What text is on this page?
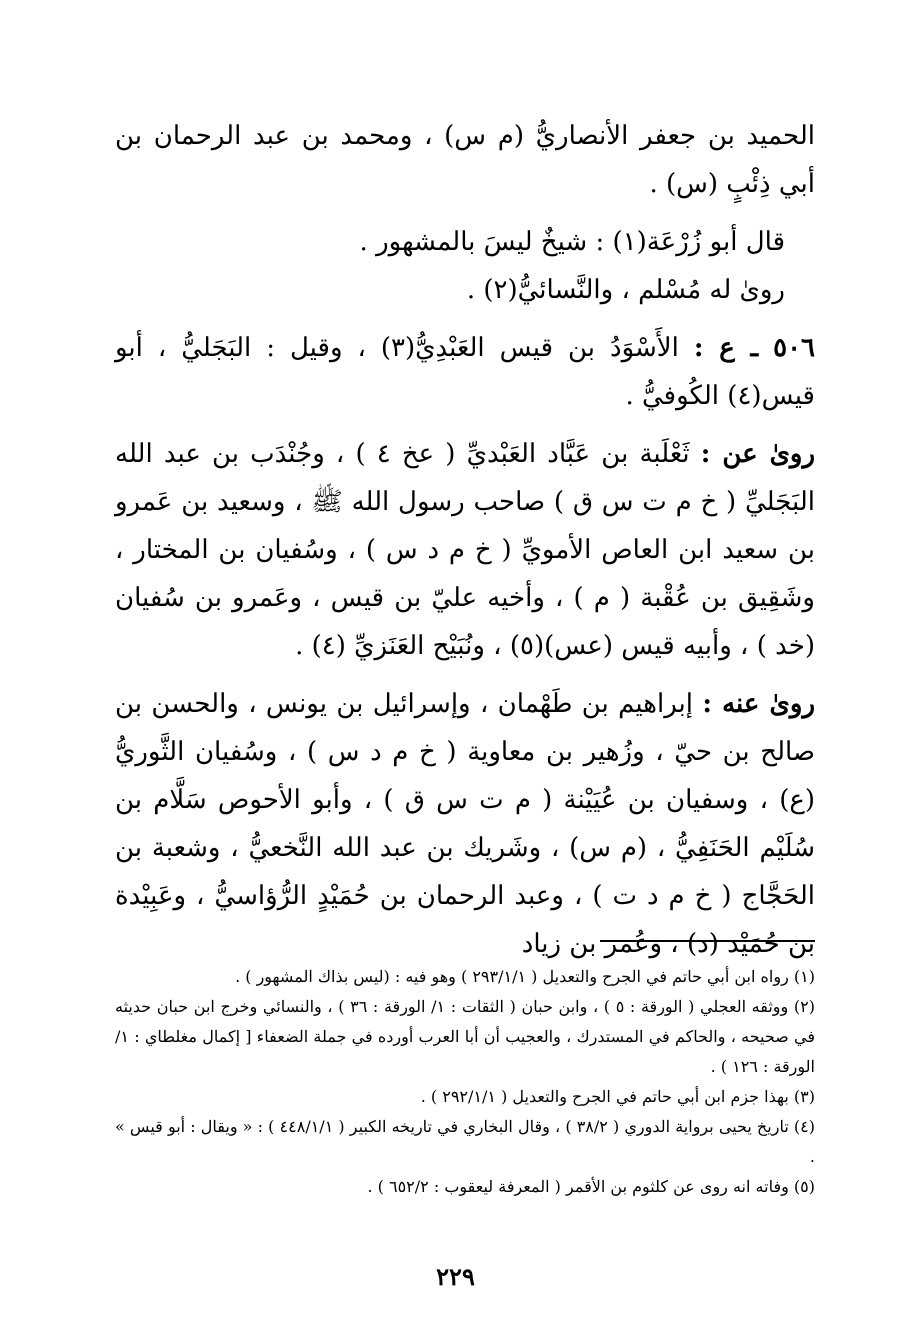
الحميد بن جعفر الأنصاريُّ (م س) ، ومحمد بن عبد الرحمان بن أبي ذِئْبٍ (س) .

قال أبو زُرْعَة(١) : شيخٌ ليسَ بالمشهور .

روىٰ له مُسْلم ، والنَّسائيُّ(٢) .

٥٠٦ ـ ع : الأَسْوَدُ بن قيس العَبْدِيُّ(٣) ، وقيل : البَجَليُّ ، أبو قيس(٤) الكُوفيُّ .

روىٰ عن : ثَعْلَبة بن عَبَّاد العَبْديِّ ( عخ ٤ ) ، وجُنْدَب بن عبد الله البَجَليِّ ( خ م ت س ق ) صاحب رسول الله ﷺ ، وسعيد بن عَمرو بن سعيد ابن العاص الأمويِّ ( خ م د س ) ، وسُفيان بن المختار ، وشَقِيق بن عُقْبة ( م ) ، وأخيه عليّ بن قيس ، وعَمرو بن سُفيان (خد ) ، وأبيه قيس (عس)(٥) ، ونُبَيْح العَنَزيِّ (٤) .

روىٰ عنه : إبراهيم بن طَهْمان ، وإسرائيل بن يونس ، والحسن بن صالح بن حيّ ، وزُهير بن معاوية ( خ م د س ) ، وسُفيان الثَّوريُّ (ع) ، وسفيان بن عُيَيْنة ( م ت س ق ) ، وأبو الأحوص سَلَّام بن سُلَيْم الحَنَفِيُّ ، (م س) ، وشَريك بن عبد الله النَّخعيُّ ، وشعبة بن الحَجَّاج ( خ م د ت ) ، وعبد الرحمان بن حُمَيْدٍ الرُّؤاسيُّ ، وعَبِيْدة بن حُمَيْد (د) ، وعُمر بن زياد

(١) رواه ابن أبي حاتم في الجرح والتعديل ( ٢٩٣/١/١ ) وهو فيه : (ليس بذاك المشهور ) .

(٢) ووثقه العجلي ( الورقة : ٥ ) ، وابن حبان ( الثقات : ١/ الورقة : ٣٦ ) ، والنسائي وخرج ابن حبان حديثه في صحيحه ، والحاكم في المستدرك ، والعجيب أن أبا العرب أورده في جملة الضعفاء [ إكمال مغلطاي : ١/ الورقة : ١٢٦ ) .

(٣) بهذا جزم ابن أبي حاتم في الجرح والتعديل ( ٢٩٢/١/١ ) .

(٤) تاريخ يحيى برواية الدوري ( ٣٨/٢ ) ، وقال البخاري في تاريخه الكبير ( ٤٤٨/١/١ ) : « ويقال : أبو قيس » .

(٥) وفاته انه روى عن كلثوم بن الأقمر ( المعرفة ليعقوب : ٦٥٢/٢ ) .

٢٢٩
